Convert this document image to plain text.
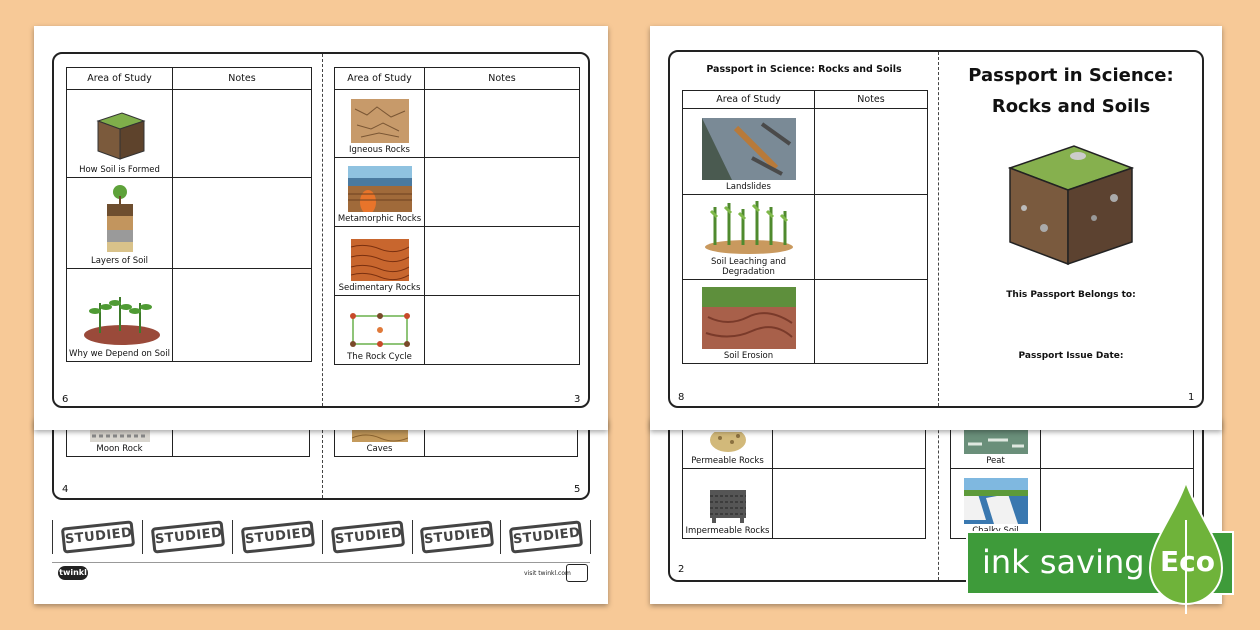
Moon Rock
		Caves

4	5
STUDIED STUDIED STUDIED STUDIED STUDIED STUDIED
twinkl	visit twinkl.com
Area of Study	Notes

How Soil is Formed	

Layers of Soil	

Why we Depend on Soil	

Area of Study	Notes

Igneous Rocks	

Metamorphic Rocks	

Sedimentary Rocks	

The Rock Cycle	

6	3
Permeable Rocks	

Impermeable Rocks	

Peat	

2
Passport in Science: Rocks and Soils
Area of Study	Notes

Landslides	

Soil Leaching and Degradation	

Soil Erosion	

8	1
Passport in Science:
Rocks and Soils
This Passport Belongs to:
Passport Issue Date:
ink saving Eco
